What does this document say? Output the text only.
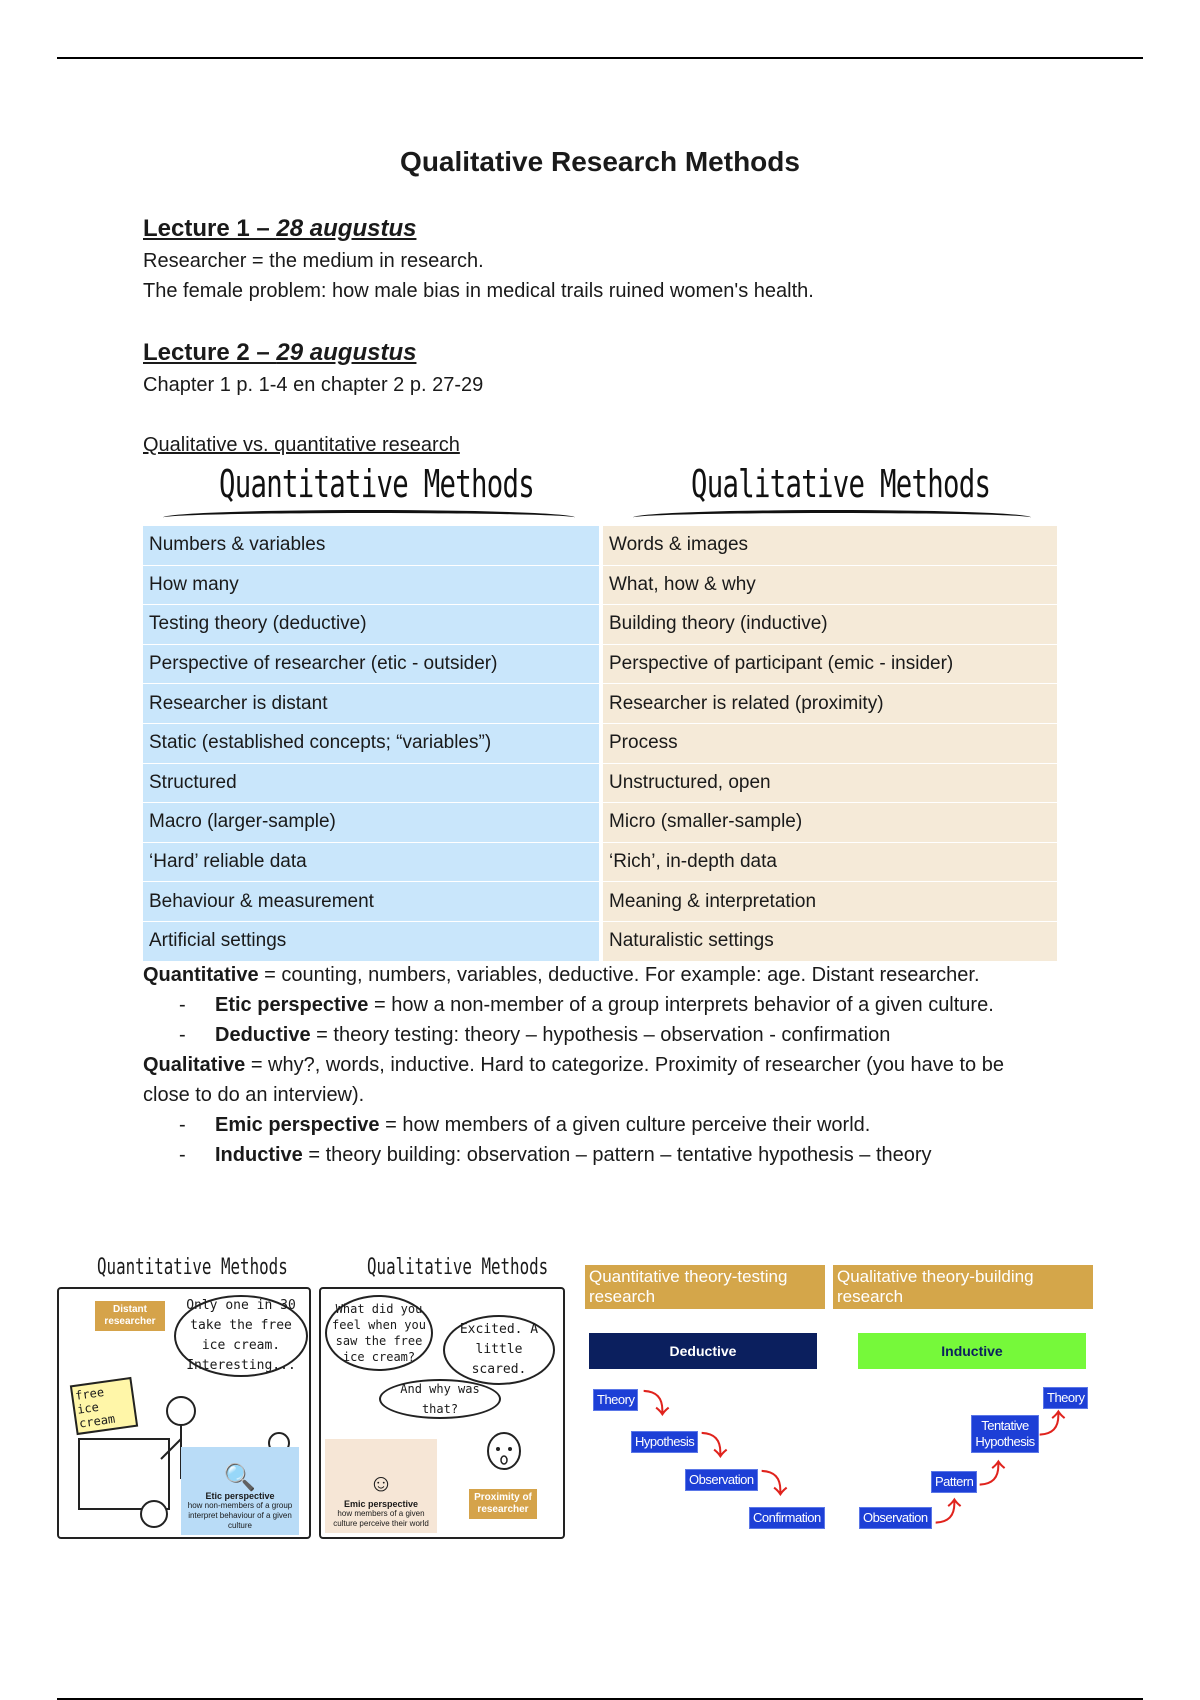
Qualitative Research Methods
Lecture 1 – 28 augustus
Researcher = the medium in research.
The female problem: how male bias in medical trails ruined women's health.
Lecture 2 – 29 augustus
Chapter 1 p. 1-4 en chapter 2 p. 27-29
Qualitative vs. quantitative research
Quantitative Methods	Qualitative Methods
Numbers & variables	Words & images
How many	What, how & why
Testing theory (deductive)	Building theory (inductive)
Perspective of researcher (etic - outsider)	Perspective of participant (emic - insider)
Researcher is distant	Researcher is related (proximity)
Static (established concepts; “variables”)	Process
Structured	Unstructured, open
Macro (larger-sample)	Micro (smaller-sample)
‘Hard’ reliable data	‘Rich’, in-depth data
Behaviour & measurement	Meaning & interpretation
Artificial settings	Naturalistic settings
Quantitative = counting, numbers, variables, deductive. For example: age. Distant researcher.
- Etic perspective = how a non-member of a group interprets behavior of a given culture.
- Deductive = theory testing: theory – hypothesis – observation - confirmation
Qualitative = why?, words, inductive. Hard to categorize. Proximity of researcher (you have to be close to do an interview).
- Emic perspective = how members of a given culture perceive their world.
- Inductive = theory building: observation – pattern – tentative hypothesis – theory
Quantitative Methods	Qualitative Methods
Distant researcher
Only one in 30 take the free ice cream. Interesting...
free ice cream
🔍
Etic perspective
how non-members of a group interpret behaviour of a given culture
What did you feel when you saw the free ice cream?
Excited. A little scared.
And why was that?
☺
Emic perspective
how members of a given culture perceive their world
Proximity of researcher
Quantitative theory-testing research
Qualitative theory-building research
Deductive	Inductive
Theory ⤵
Hypothesis ⤵
Observation ⤵
Confirmation	Observation ⤴
Pattern ⤴
Tentative Hypothesis
⤴
Theory
